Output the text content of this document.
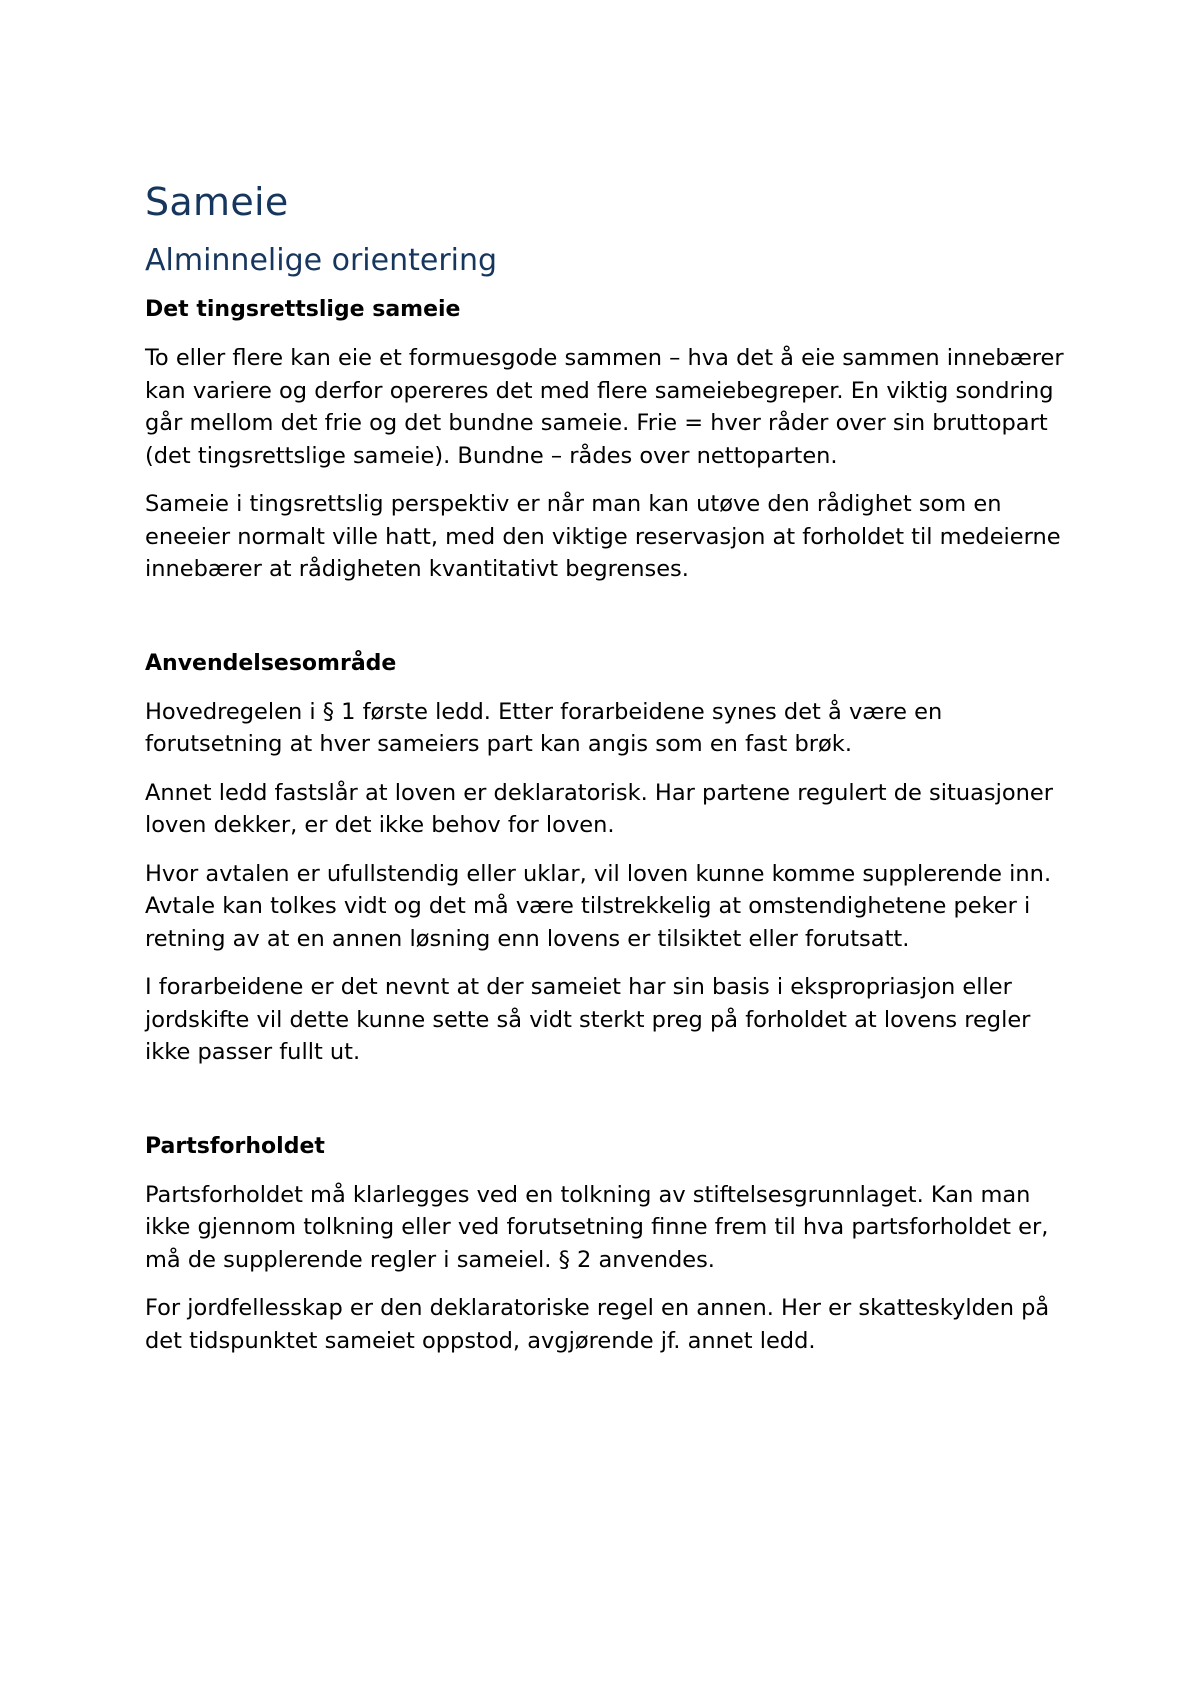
Sameie
Alminnelige orientering
Det tingsrettslige sameie

To eller flere kan eie et formuesgode sammen – hva det å eie sammen innebærer kan variere og derfor opereres det med flere sameiebegreper. En viktig sondring går mellom det frie og det bundne sameie. Frie = hver råder over sin bruttopart (det tingsrettslige sameie). Bundne – rådes over nettoparten.

Sameie i tingsrettslig perspektiv er når man kan utøve den rådighet som en eneeier normalt ville hatt, med den viktige reservasjon at forholdet til medeierne innebærer at rådigheten kvantitativt begrenses.

Anvendelsesområde

Hovedregelen i § 1 første ledd. Etter forarbeidene synes det å være en forutsetning at hver sameiers part kan angis som en fast brøk.

Annet ledd fastslår at loven er deklaratorisk. Har partene regulert de situasjoner loven dekker, er det ikke behov for loven.

Hvor avtalen er ufullstendig eller uklar, vil loven kunne komme supplerende inn. Avtale kan tolkes vidt og det må være tilstrekkelig at omstendighetene peker i retning av at en annen løsning enn lovens er tilsiktet eller forutsatt.

I forarbeidene er det nevnt at der sameiet har sin basis i ekspropriasjon eller jordskifte vil dette kunne sette så vidt sterkt preg på forholdet at lovens regler ikke passer fullt ut.

Partsforholdet

Partsforholdet må klarlegges ved en tolkning av stiftelsesgrunnlaget. Kan man ikke gjennom tolkning eller ved forutsetning finne frem til hva partsforholdet er, må de supplerende regler i sameiel. § 2 anvendes.

For jordfellesskap er den deklaratoriske regel en annen. Her er skatteskylden på det tidspunktet sameiet oppstod, avgjørende jf. annet ledd.
